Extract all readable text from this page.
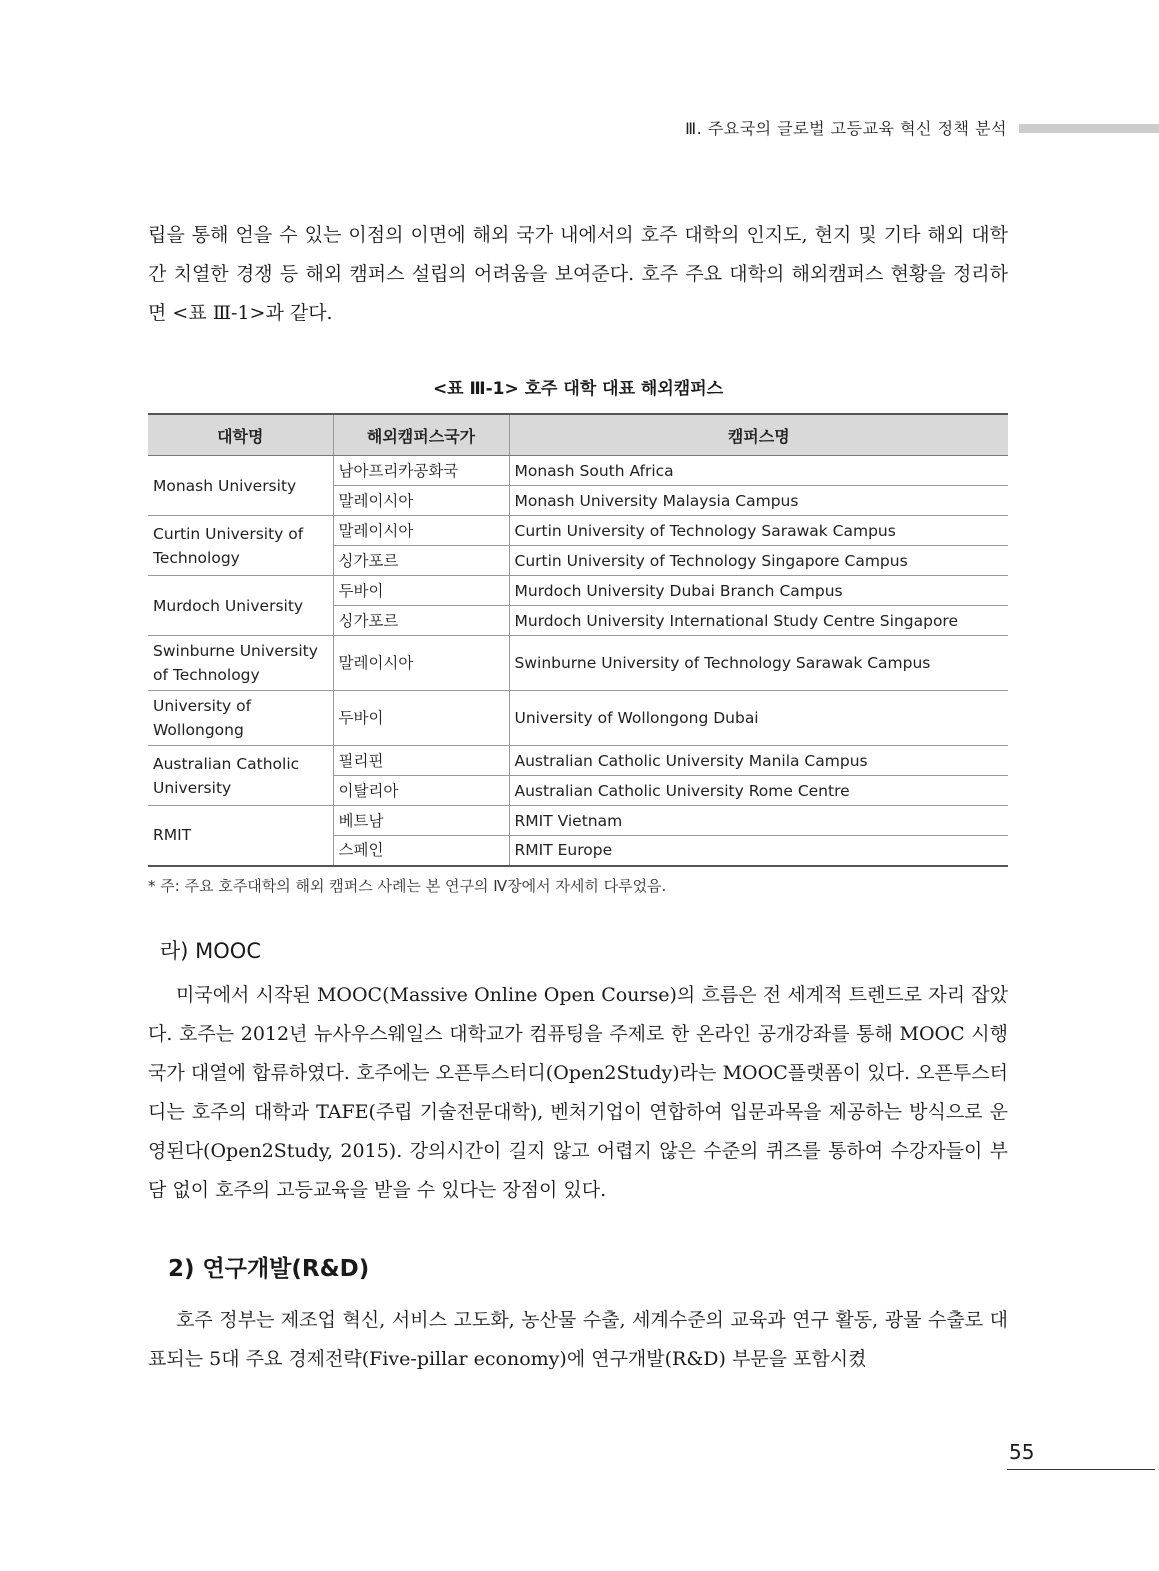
Ⅲ. 주요국의 글로벌 고등교육 혁신 정책 분석

립을 통해 얻을 수 있는 이점의 이면에 해외 국가 내에서의 호주 대학의 인지도, 현지 및 기타 해외 대학간 치열한 경쟁 등 해외 캠퍼스 설립의 어려움을 보여준다. 호주 주요 대학의 해외캠퍼스 현황을 정리하면 <표 Ⅲ-1>과 같다.

<표 Ⅲ-1> 호주 대학 대표 해외캠퍼스
대학명	해외캠퍼스국가	캠퍼스명
Monash University	남아프리카공화국	Monash South Africa
	말레이시아	Monash University Malaysia Campus
Curtin University of Technology	말레이시아	Curtin University of Technology Sarawak Campus
	싱가포르	Curtin University of Technology Singapore Campus
Murdoch University	두바이	Murdoch University Dubai Branch Campus
	싱가포르	Murdoch University International Study Centre Singapore
Swinburne University of Technology	말레이시아	Swinburne University of Technology Sarawak Campus
University of Wollongong	두바이	University of Wollongong Dubai
Australian Catholic University	필리핀	Australian Catholic University Manila Campus
	이탈리아	Australian Catholic University Rome Centre
RMIT	베트남	RMIT Vietnam
	스페인	RMIT Europe
* 주: 주요 호주대학의 해외 캠퍼스 사례는 본 연구의 Ⅳ장에서 자세히 다루었음.
라) MOOC

미국에서 시작된 MOOC(Massive Online Open Course)의 흐름은 전 세계적 트렌드로 자리 잡았다. 호주는 2012년 뉴사우스웨일스 대학교가 컴퓨팅을 주제로 한 온라인 공개강좌를 통해 MOOC 시행 국가 대열에 합류하였다. 호주에는 오픈투스터디(Open2Study)라는 MOOC플랫폼이 있다. 오픈투스터디는 호주의 대학과 TAFE(주립 기술전문대학), 벤처기업이 연합하여 입문과목을 제공하는 방식으로 운영된다(Open2Study, 2015). 강의시간이 길지 않고 어렵지 않은 수준의 퀴즈를 통하여 수강자들이 부담 없이 호주의 고등교육을 받을 수 있다는 장점이 있다.

2) 연구개발(R&D)

호주 정부는 제조업 혁신, 서비스 고도화, 농산물 수출, 세계수준의 교육과 연구 활동, 광물 수출로 대표되는 5대 주요 경제전략(Five-pillar economy)에 연구개발(R&D) 부문을 포함시켰

55
